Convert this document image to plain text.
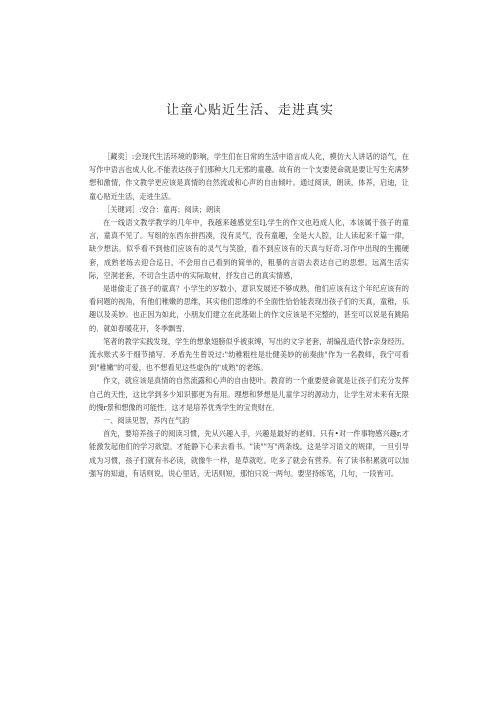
让童心贴近生活、走进真实

［藏奕］:会现代生活环境的影响，学生们在日常的生活中语言成人化，模仿大人讲话的语气，在写作中语言也成人化.不能表达孩子们那种大几无邪的童趣。故有的一个支要使命就是要让写生充满梦想和激情，作文教学更应该是真情的自然流或和心声的自由倾叶。通过阅读，朗读，体养，启迪，让童心贴近生活，走进生活。

［关键词］:安合：童再；阅读；朗读

在一线语文教学教学的几年中，我越来越感觉至I],学生的作文也趋成人化，本该属于孩子的童言，童真不见了。写组的东西东拼西凑，没有灵气，没有童趣，全是大人腔，让人读起来千篇一律，缺少想法。似乎看不到他们应该有的灵气与笑脸，看不到应该有的天真与好奇.习作中出现的生搬硬套，成熟老练去迎合巡日，不会用自己看到的简单的，粗暴的言语去表达自己的思想。远离生活实际，空洞老套，不切合生活中的实际取材，抒发自己的真实情感，

是谁偷走了孩子的童真？小学生的岁数小，意识发展还不够成熟，他们应该有这个年纪应该有的看问题的视角，有他们稚嫩的思维，其实他们思维的不全面性恰恰能表现出孩子们的天真，童稚，乐趣以及美妙。也正因为如此，小朋友们建立在此基础上的作文应该是不完整的，甚至可以说是有跳陷的．就如春暖花开，冬季飘雪．

笔者的教学实践发现，学生的想象翅膀似乎被束缚，写出的文字老套，胡编乱造代替r亲身经历。流水账式多于细节描写．矛盾先生曾说过:"幼稚粗柱是壮健美妙的前奏曲"作为一名教师，我宁可看到"稚嫩"的可爱，也不想看见这些虚伪的"成熟"的老练。

作文，就应该是真情的自然流露和心声的自由使叶。教育的一个重要使命就是让孩子们充分发挥自己的天性，这比学到多少知识都更为有用。理想和梦想是儿童学习的源动力，让学生对未来有无限的慢r景和想像的可能性．这才是培养优秀学生的宝贵财在．

一、阅读见智，养内在气韵

首先，要培养孩子的阅读习惯，先从兴趣入手，兴趣是最好的老师。只有•对一件事物感兴趣r,才能激发起他们的学习欲望。才能静下心来去看书。"读""写"两条线。这是学习语文的规律，一旦引导成为习惯，孩子们就有书必读，就像牛一样，是草就吃。吃多了就会有营养。有了读书积累就可以加强写的知道，有话则说，说心里话，无话则短，那怕只说一两句。要坚持练笔，几句，一段皆可。
